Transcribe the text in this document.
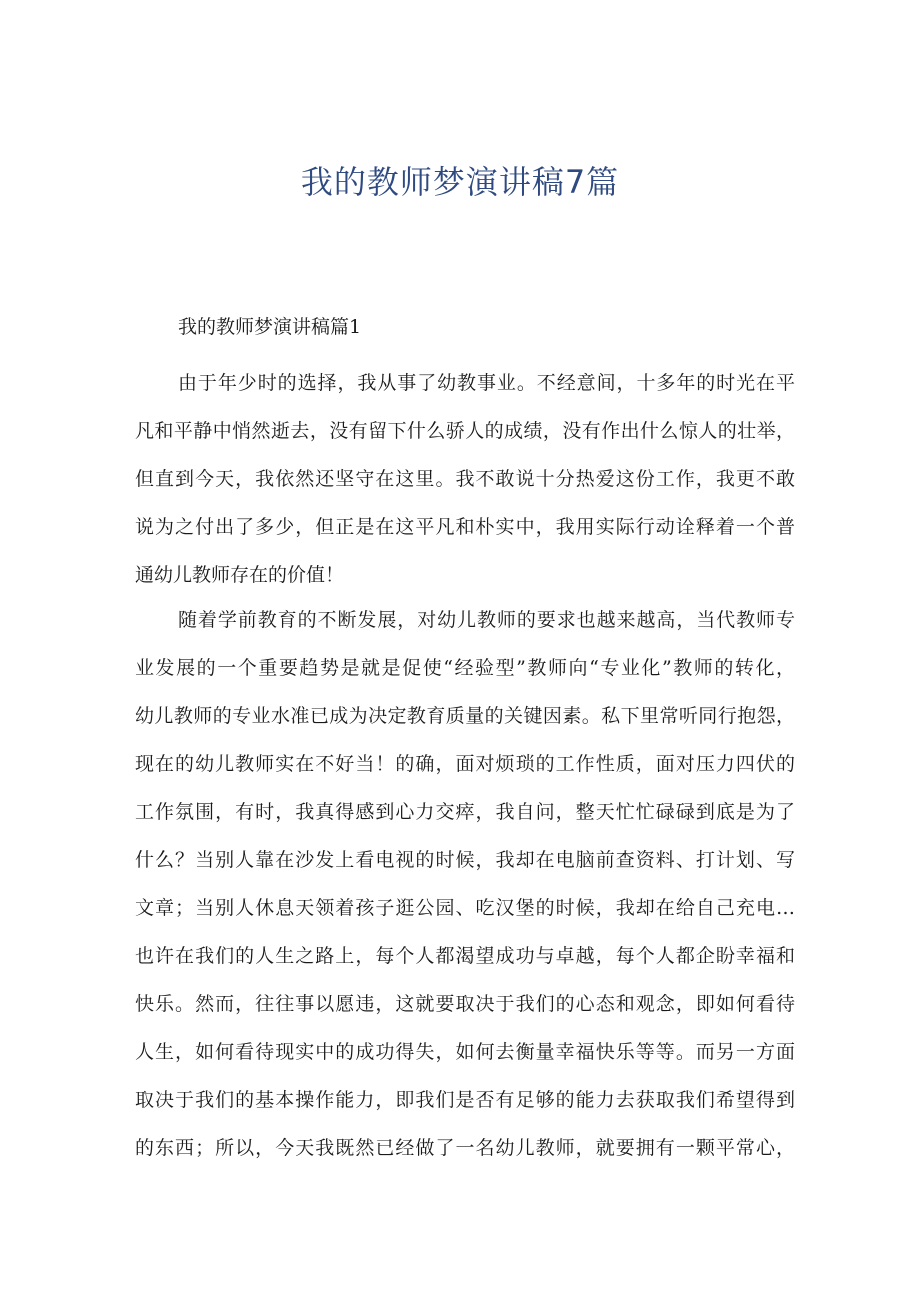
我的教师梦演讲稿7篇
我的教师梦演讲稿篇1
由于年少时的选择，我从事了幼教事业。不经意间，十多年的时光在平
凡和平静中悄然逝去，没有留下什么骄人的成绩，没有作出什么惊人的壮举，
但直到今天，我依然还坚守在这里。我不敢说十分热爱这份工作，我更不敢
说为之付出了多少，但正是在这平凡和朴实中，我用实际行动诠释着一个普
通幼儿教师存在的价值！
随着学前教育的不断发展，对幼儿教师的要求也越来越高，当代教师专
业发展的一个重要趋势是就是促使“经验型”教师向“专业化”教师的转化，
幼儿教师的专业水准已成为决定教育质量的关键因素。私下里常听同行抱怨，
现在的幼儿教师实在不好当！的确，面对烦琐的工作性质，面对压力四伏的
工作氛围，有时，我真得感到心力交瘁，我自问，整天忙忙碌碌到底是为了
什么？当别人靠在沙发上看电视的时候，我却在电脑前查资料、打计划、写
文章；当别人休息天领着孩子逛公园、吃汉堡的时候，我却在给自己充电…
也许在我们的人生之路上，每个人都渴望成功与卓越，每个人都企盼幸福和
快乐。然而，往往事以愿违，这就要取决于我们的心态和观念，即如何看待
人生，如何看待现实中的成功得失，如何去衡量幸福快乐等等。而另一方面
取决于我们的基本操作能力，即我们是否有足够的能力去获取我们希望得到
的东西；所以，今天我既然已经做了一名幼儿教师，就要拥有一颗平常心，
